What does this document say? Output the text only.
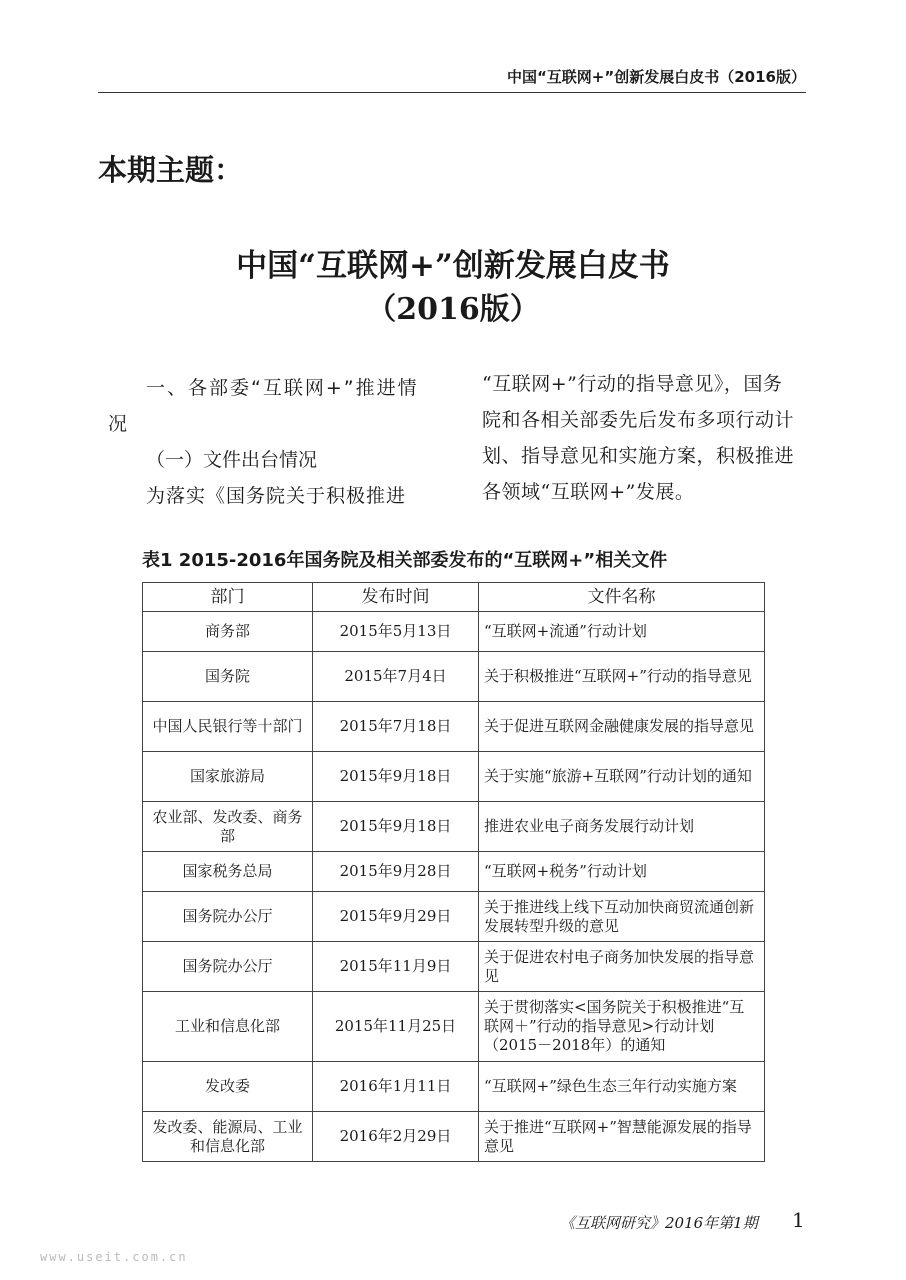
中国“互联网+”创新发展白皮书（2016版）
本期主题：
中国“互联网+”创新发展白皮书
（2016版）
一、各部委“互联网+”推进情况
（一）文件出台情况
为落实《国务院关于积极推进
“互联网+”行动的指导意见》，国务院和各相关部委先后发布多项行动计划、指导意见和实施方案，积极推进各领域“互联网+”发展。
表1 2015-2016年国务院及相关部委发布的“互联网+”相关文件
部门	发布时间	文件名称
商务部	2015年5月13日	“互联网+流通”行动计划
国务院	2015年7月4日	关于积极推进“互联网+”行动的指导意见
中国人民银行等十部门	2015年7月18日	关于促进互联网金融健康发展的指导意见
国家旅游局	2015年9月18日	关于实施“旅游+互联网”行动计划的通知
农业部、发改委、商务部	2015年9月18日	推进农业电子商务发展行动计划
国家税务总局	2015年9月28日	“互联网+税务”行动计划
国务院办公厅	2015年9月29日	关于推进线上线下互动加快商贸流通创新发展转型升级的意见
国务院办公厅	2015年11月9日	关于促进农村电子商务加快发展的指导意见
工业和信息化部	2015年11月25日	关于贯彻落实<国务院关于积极推进“互联网＋”行动的指导意见>行动计划（2015－2018年）的通知
发改委	2016年1月11日	“互联网+”绿色生态三年行动实施方案
发改委、能源局、工业和信息化部	2016年2月29日	关于推进“互联网+”智慧能源发展的指导意见
《互联网研究》2016年第1期 1
www.useit.com.cn
